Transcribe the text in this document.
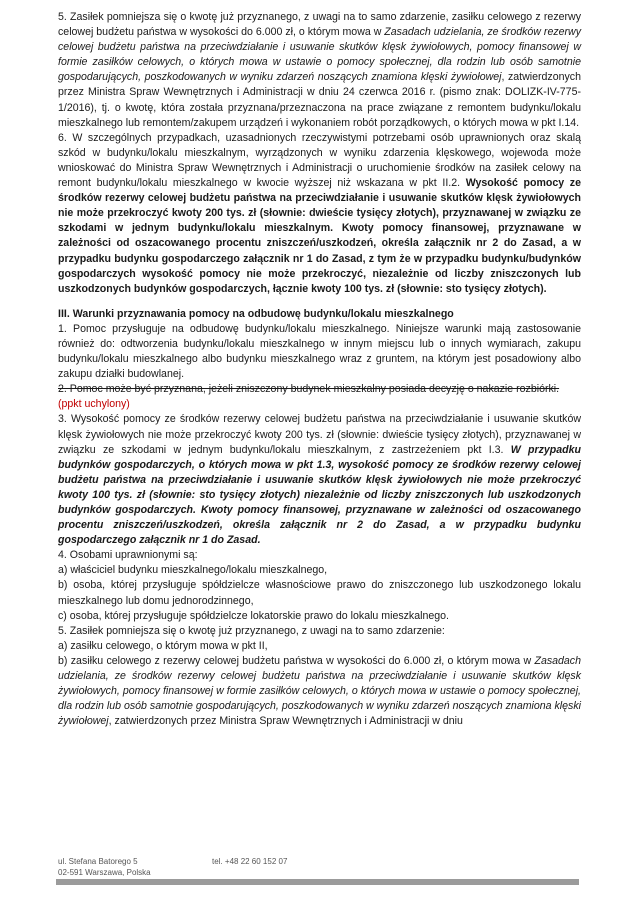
5. Zasiłek pomniejsza się o kwotę już przyznanego, z uwagi na to samo zdarzenie, zasiłku celowego z rezerwy celowej budżetu państwa w wysokości do 6.000 zł, o którym mowa w Zasadach udzielania, ze środków rezerwy celowej budżetu państwa na przeciwdziałanie i usuwanie skutków klęsk żywiołowych, pomocy finansowej w formie zasiłków celowych, o których mowa w ustawie o pomocy społecznej, dla rodzin lub osób samotnie gospodarujących, poszkodowanych w wyniku zdarzeń noszących znamiona klęski żywiołowej, zatwierdzonych przez Ministra Spraw Wewnętrznych i Administracji w dniu 24 czerwca 2016 r. (pismo znak: DOLIZK-IV-775-1/2016), tj. o kwotę, która została przyznana/przeznaczona na prace związane z remontem budynku/lokalu mieszkalnego lub remontem/zakupem urządzeń i wykonaniem robót porządkowych, o których mowa w pkt I.14.

6. W szczególnych przypadkach, uzasadnionych rzeczywistymi potrzebami osób uprawnionych oraz skalą szkód w budynku/lokalu mieszkalnym, wyrządzonych w wyniku zdarzenia klęskowego, wojewoda może wnioskować do Ministra Spraw Wewnętrznych i Administracji o uruchomienie środków na zasiłek celowy na remont budynku/lokalu mieszkalnego w kwocie wyższej niż wskazana w pkt II.2. Wysokość pomocy ze środków rezerwy celowej budżetu państwa na przeciwdziałanie i usuwanie skutków klęsk żywiołowych nie może przekroczyć kwoty 200 tys. zł (słownie: dwieście tysięcy złotych), przyznawanej w związku ze szkodami w jednym budynku/lokalu mieszkalnym. Kwoty pomocy finansowej, przyznawane w zależności od oszacowanego procentu zniszczeń/uszkodzeń, określa załącznik nr 2 do Zasad, a w przypadku budynku gospodarczego załącznik nr 1 do Zasad, z tym że w przypadku budynku/budynków gospodarczych wysokość pomocy nie może przekroczyć, niezależnie od liczby zniszczonych lub uszkodzonych budynków gospodarczych, łącznie kwoty 100 tys. zł (słownie: sto tysięcy złotych).

III. Warunki przyznawania pomocy na odbudowę budynku/lokalu mieszkalnego

1. Pomoc przysługuje na odbudowę budynku/lokalu mieszkalnego. Niniejsze warunki mają zastosowanie również do: odtworzenia budynku/lokalu mieszkalnego w innym miejscu lub o innych wymiarach, zakupu budynku/lokalu mieszkalnego albo budynku mieszkalnego wraz z gruntem, na którym jest posadowiony albo zakupu działki budowlanej.

2. Pomoc może być przyznana, jeżeli zniszczony budynek mieszkalny posiada decyzję o nakazie rozbiórki.
(ppkt uchylony)

3. Wysokość pomocy ze środków rezerwy celowej budżetu państwa na przeciwdziałanie i usuwanie skutków klęsk żywiołowych nie może przekroczyć kwoty 200 tys. zł (słownie: dwieście tysięcy złotych), przyznawanej w związku ze szkodami w jednym budynku/lokalu mieszkalnym, z zastrzeżeniem pkt I.3. W przypadku budynków gospodarczych, o których mowa w pkt 1.3, wysokość pomocy ze środków rezerwy celowej budżetu państwa na przeciwdziałanie i usuwanie skutków klęsk żywiołowych nie może przekroczyć kwoty 100 tys. zł (słownie: sto tysięcy złotych) niezależnie od liczby zniszczonych lub uszkodzonych budynków gospodarczych. Kwoty pomocy finansowej, przyznawane w zależności od oszacowanego procentu zniszczeń/uszkodzeń, określa załącznik nr 2 do Zasad, a w przypadku budynku gospodarczego załącznik nr 1 do Zasad.

4. Osobami uprawnionymi są:

a) właściciel budynku mieszkalnego/lokalu mieszkalnego,

b) osoba, której przysługuje spółdzielcze własnościowe prawo do zniszczonego lub uszkodzonego lokalu mieszkalnego lub domu jednorodzinnego,

c) osoba, której przysługuje spółdzielcze lokatorskie prawo do lokalu mieszkalnego.

5. Zasiłek pomniejsza się o kwotę już przyznanego, z uwagi na to samo zdarzenie:

a) zasiłku celowego, o którym mowa w pkt II,

b) zasiłku celowego z rezerwy celowej budżetu państwa w wysokości do 6.000 zł, o którym mowa w Zasadach udzielania, ze środków rezerwy celowej budżetu państwa na przeciwdziałanie i usuwanie skutków klęsk żywiołowych, pomocy finansowej w formie zasiłków celowych, o których mowa w ustawie o pomocy społecznej, dla rodzin lub osób samotnie gospodarujących, poszkodowanych w wyniku zdarzeń noszących znamiona klęski żywiołowej, zatwierdzonych przez Ministra Spraw Wewnętrznych i Administracji w dniu

ul. Stefana Batorego 5
02-591 Warszawa, Polska
tel. +48 22 60 152 07
